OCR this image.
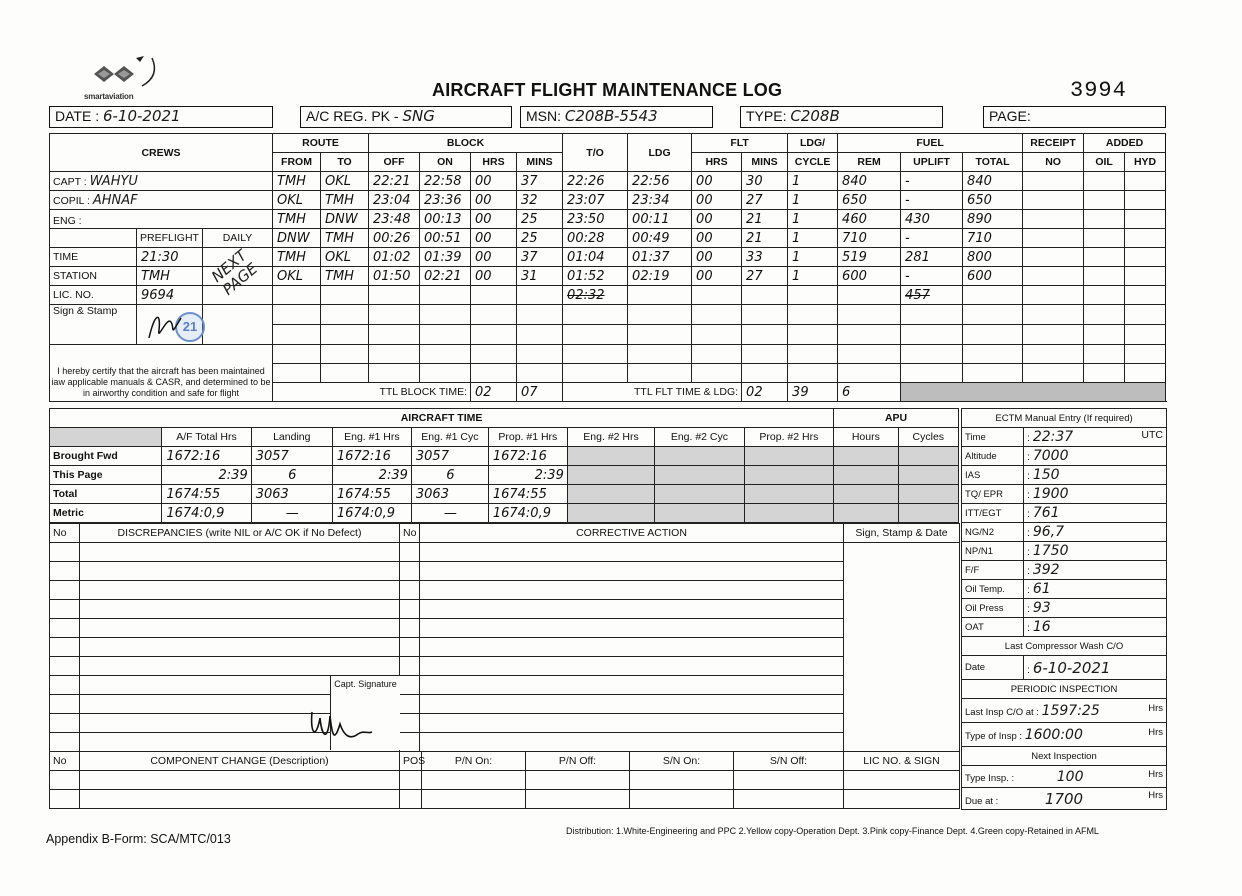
smartaviation	AIRCRAFT FLIGHT MAINTENANCE LOG	3994
DATE : 6-10-2021	A/C REG. PK - SNG	MSN: C208B-5543	TYPE: C208B	PAGE:
CREWS			ROUTE		BLOCK				T/O	LDG	FLT		LDG/	FUEL			RECEIPT	ADDED	
			FROM	TO	OFF	ON	HRS	MINS			HRS	MINS	CYCLE	REM	UPLIFT	TOTAL	NO	OIL	HYD
CAPT : WAHYU			TMH	OKL	22:21	22:58	00	37	22:26	22:56	00	30	1	840	-	840			
COPIL : AHNAF			OKL	TMH	23:04	23:36	00	32	23:07	23:34	00	27	1	650	-	650			
ENG :			TMH	DNW	23:48	00:13	00	25	23:50	00:11	00	21	1	460	430	890			
	PREFLIGHT	DAILY	DNW	TMH	00:26	00:51	00	25	00:28	00:49	00	21	1	710	-	710			
TIME	21:30		TMH	OKL	01:02	01:39	00	37	01:04	01:37	00	33	1	519	281	800			
STATION	TMH		OKL	TMH	01:50	02:21	00	31	01:52	02:19	00	27	1	600	-	600			
LIC. NO.	9694								02:32						457				
Sign & Stamp																			

I hereby certify that the aircraft has been maintained iaw applicable manuals & CASR, and determined to be in airworthy condition and safe for flight																			

			TTL BLOCK TIME:				02	07	TTL FLT TIME & LDG:			02	39	6					
NEXT PAGE
21
AIRCRAFT TIME									APU	
	A/F Total Hrs	Landing	Eng. #1 Hrs	Eng. #1 Cyc	Prop. #1 Hrs	Eng. #2 Hrs	Eng. #2 Cyc	Prop. #2 Hrs	Hours	Cycles
Brought Fwd	1672:16	3057	1672:16	3057	1672:16					
This Page	2:39	6	2:39	6	2:39					
Total	1674:55	3063	1674:55	3063	1674:55					
Metric	1674:0,9	—	1674:0,9	—	1674:0,9					
ECTM Manual Entry (If required)	
Time	: 22:37 UTC

Altitude	: 7000
IAS	: 150
TQ/ EPR	: 1900
ITT/EGT	: 761
NG/N2	: 96,7
NP/N1	: 1750
F/F	: 392
Oil Temp.	: 61
Oil Press	: 93
OAT	: 16
Last Compressor Wash C/O	
Date	: 6-10-2021
PERIODIC INSPECTION	
Last Insp C/O at : 1597:25 Hrs	

Type of Insp : 1600:00 Hrs	

Next Inspection	
Type Insp. : 100 Hrs	

Due at : 1700 Hrs	
No	DISCREPANCIES (write NIL or A/C OK if No Defect)	No	CORRECTIVE ACTION	Sign, Stamp & Date

	Capt. Signature			

No	COMPONENT CHANGE (Description)	POS	P/N On:	P/N Off:	S/N On:	S/N Off:	LIC NO. & SIGN

Appendix B-Form: SCA/MTC/013
Distribution: 1.White-Engineering and PPC 2.Yellow copy-Operation Dept. 3.Pink copy-Finance Dept. 4.Green copy-Retained in AFML
